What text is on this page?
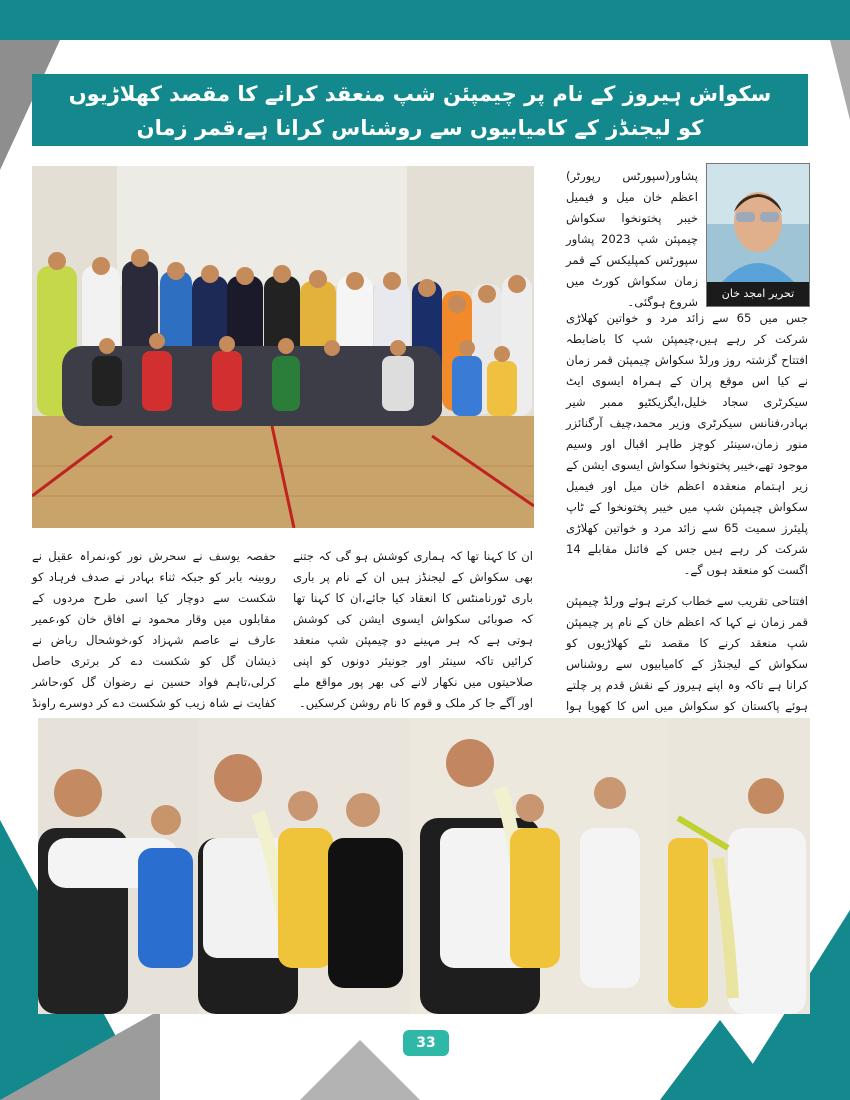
سکواش ہیروز کے نام پر چیمپئن شپ منعقد کرانے کا مقصد کھلاڑیوں
کو لیجنڈز کے کامیابیوں سے روشناس کرانا ہے،قمر زمان
تحریر امجد خان

پشاور(سپورٹس رپورٹر) اعظم خان میل و فیمیل خیبر پختونخوا سکواش چیمپئن شپ 2023 پشاور سپورٹس کمپلیکس کے قمر زمان سکواش کورٹ میں شروع ہوگئی۔

جس میں 65 سے زائد مرد و خواتین کھلاڑی شرکت کر رہے ہیں،چیمپئن شپ کا باضابطہ افتتاح گزشتہ روز ورلڈ سکواش چیمپئن قمر زمان نے کیا اس موقع پران کے ہمراہ ایسوی ایٹ سیکرٹری سجاد خلیل،ایگزیکٹیو ممبر شیر بہادر،فنانس سیکرٹری وزیر محمد،چیف آرگنائزر منور زمان،سینئر کوچز طاہر اقبال اور وسیم موجود تھے،خیبر پختونخوا سکواش ایسوی ایشن کے زیر اہتمام منعقدہ اعظم خان میل اور فیمیل سکواش چیمپئن شپ میں خیبر پختونخوا کے ٹاپ پلیئرز سمیت 65 سے زائد مرد و خواتین کھلاڑی شرکت کر رہے ہیں جس کے فائنل مقابلے 14 اگست کو منعقد ہوں گے۔

افتتاحی تقریب سے خطاب کرتے ہوئے ورلڈ چیمپئن قمر زمان نے کہا کہ اعظم خان کے نام پر چیمپئن شپ منعقد کرنے کا مقصد نئے کھلاڑیوں کو سکواش کے لیجنڈز کے کامیابیوں سے روشناس کرانا ہے تاکہ وہ اپنے ہیروز کے نقش قدم پر چلتے ہوئے پاکستان کو سکواش میں اس کا کھویا ہوا

ان کا کہنا تھا کہ ہماری کوشش ہو گی کہ جتنے بھی سکواش کے لیجنڈز ہیں ان کے نام پر باری باری ٹورنامنٹس کا انعقاد کیا جائے،ان کا کہنا تھا کہ صوبائی سکواش ایسوی ایشن کی کوشش ہوتی ہے کہ ہر مہینے دو چیمپئن شپ منعقد کرائیں تاکہ سینئر اور جونیئر دونوں کو اپنی صلاحیتوں میں نکھار لانے کی بھر پور مواقع ملے اور آگے جا کر ملک و قوم کا نام روشن کرسکیں۔

حفصہ یوسف نے سحرش نور کو،نمراہ عقیل نے روبینہ بابر کو جبکہ ثناء بہادر نے صدف فرہاد کو شکست سے دوچار کیا اسی طرح مردوں کے مقابلوں میں وقار محمود نے افاق خان کو،عمیر عارف نے عاصم شہزاد کو،خوشحال ریاض نے ذیشان گل کو شکست دے کر برتری حاصل کرلی،تاہم فواد حسین نے رضوان گل کو،حاشر کفایت نے شاہ زیب کو شکست دے کر دوسرے راونڈ

33
